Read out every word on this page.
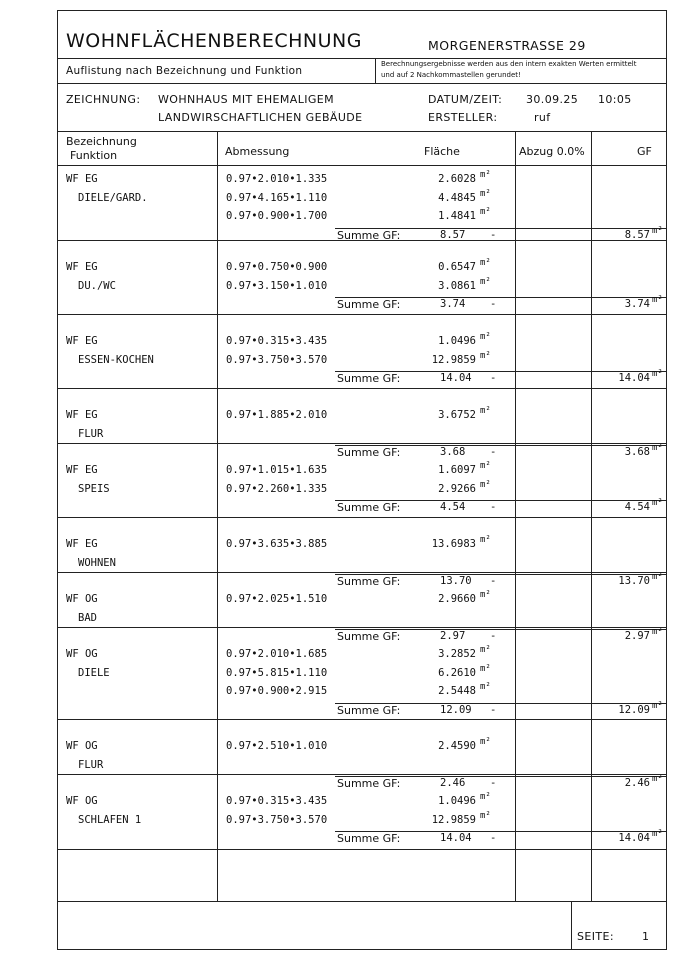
WOHNFLÄCHENBERECHNUNG	MORGENERSTRASSE 29
Auflistung nach Bezeichnung und Funktion
Berechnungsergebnisse werden aus den intern exakten Werten ermittelt
und auf 2 Nachkommastellen gerundet!
ZEICHNUNG: WOHNHAUS MIT EHEMALIGEM
LANDWIRSCHAFTLICHEN GEBÄUDE
DATUM/ZEIT: 30.09.25 10:05
ERSTELLER:	ruf
Bezeichnung
Funktion	Abmessung	Fläche	Abzug 0.0%	GF
WF EG
DIELE/GARD.
0.97•2.010•1.335	2.6028 m²
0.97•4.165•1.110	4.4845 m²
0.97•0.900•1.700	1.4841 m²
Summe GF:	8.57 -	8.57 m²
WF EG
DU./WC
0.97•0.750•0.900	0.6547 m²
0.97•3.150•1.010	3.0861 m²
Summe GF:	3.74 -	3.74 m²
WF EG
ESSEN-KOCHEN
0.97•0.315•3.435	1.0496 m²
0.97•3.750•3.570	12.9859 m²
Summe GF:	14.04 -	14.04 m²
WF EG
FLUR
0.97•1.885•2.010	3.6752 m²
Summe GF:	3.68 -	3.68 m²
WF EG
SPEIS
0.97•1.015•1.635	1.6097 m²
0.97•2.260•1.335	2.9266 m²
Summe GF:	4.54 -	4.54 m²
WF EG
WOHNEN
0.97•3.635•3.885	13.6983 m²
Summe GF:	13.70 -	13.70 m²
WF OG
BAD
0.97•2.025•1.510	2.9660 m²
Summe GF:	2.97 -	2.97 m²
WF OG
DIELE
0.97•2.010•1.685	3.2852 m²
0.97•5.815•1.110	6.2610 m²
0.97•0.900•2.915	2.5448 m²
Summe GF:	12.09 -	12.09 m²
WF OG
FLUR
0.97•2.510•1.010	2.4590 m²
Summe GF:	2.46 -	2.46 m²
WF OG
SCHLAFEN 1
0.97•0.315•3.435	1.0496 m²
0.97•3.750•3.570	12.9859 m²
Summe GF:	14.04 -	14.04 m²
SEITE:	1
